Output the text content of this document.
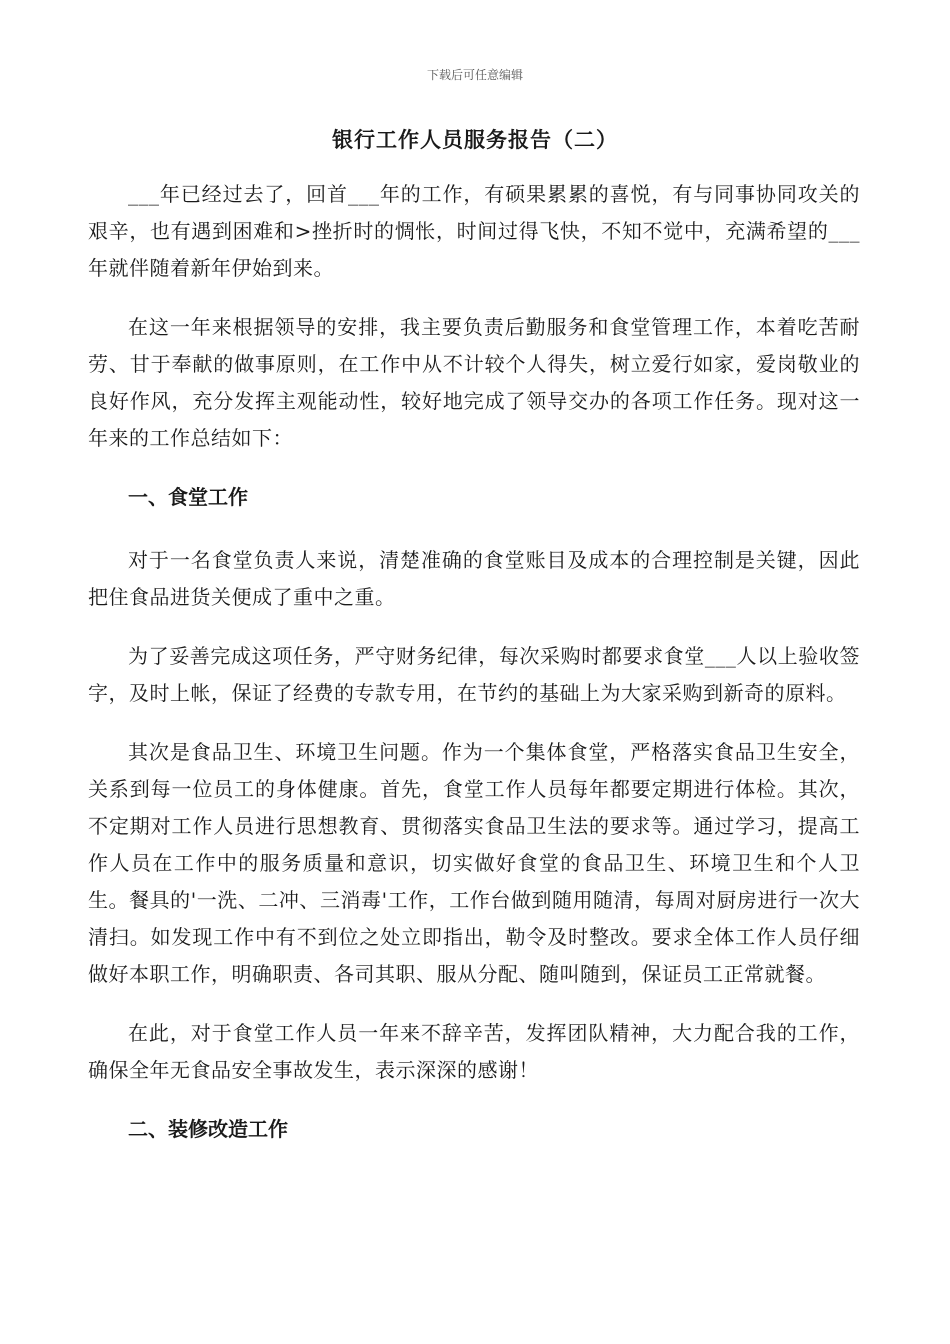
下载后可任意编辑
银行工作人员服务报告（二）

___年已经过去了，回首___年的工作，有硕果累累的喜悦，有与同事协同攻关的艰辛，也有遇到困难和>挫折时的惆怅，时间过得飞快，不知不觉中，充满希望的___年就伴随着新年伊始到来。

在这一年来根据领导的安排，我主要负责后勤服务和食堂管理工作，本着吃苦耐劳、甘于奉献的做事原则，在工作中从不计较个人得失，树立爱行如家，爱岗敬业的良好作风，充分发挥主观能动性，较好地完成了领导交办的各项工作任务。现对这一年来的工作总结如下：

一、食堂工作

对于一名食堂负责人来说，清楚准确的食堂账目及成本的合理控制是关键，因此把住食品进货关便成了重中之重。

为了妥善完成这项任务，严守财务纪律，每次采购时都要求食堂___人以上验收签字，及时上帐，保证了经费的专款专用，在节约的基础上为大家采购到新奇的原料。

其次是食品卫生、环境卫生问题。作为一个集体食堂，严格落实食品卫生安全，关系到每一位员工的身体健康。首先，食堂工作人员每年都要定期进行体检。其次，不定期对工作人员进行思想教育、贯彻落实食品卫生法的要求等。通过学习，提高工作人员在工作中的服务质量和意识，切实做好食堂的食品卫生、环境卫生和个人卫生。餐具的'一洗、二冲、三消毒'工作，工作台做到随用随清，每周对厨房进行一次大清扫。如发现工作中有不到位之处立即指出，勒令及时整改。要求全体工作人员仔细做好本职工作，明确职责、各司其职、服从分配、随叫随到，保证员工正常就餐。

在此，对于食堂工作人员一年来不辞辛苦，发挥团队精神，大力配合我的工作，确保全年无食品安全事故发生，表示深深的感谢！

二、装修改造工作
